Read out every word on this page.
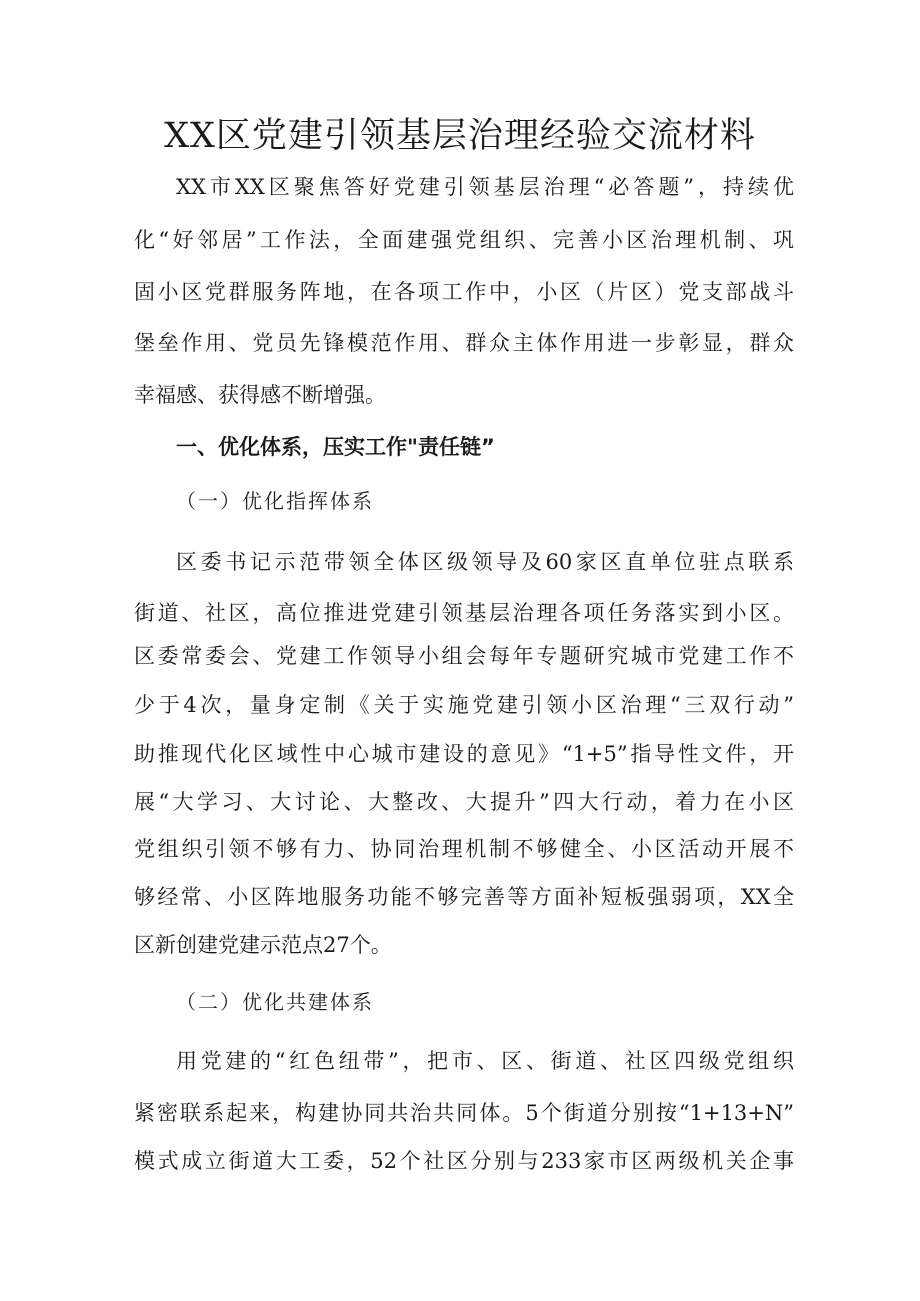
XX区党建引领基层治理经验交流材料
XX市XX区聚焦答好党建引领基层治理“必答题”，持续优
化“好邻居”工作法，全面建强党组织、完善小区治理机制、巩
固小区党群服务阵地，在各项工作中，小区（片区）党支部战斗
堡垒作用、党员先锋模范作用、群众主体作用进一步彰显，群众
幸福感、获得感不断增强。
一、优化体系，压实工作"责任链”
（一）优化指挥体系
区委书记示范带领全体区级领导及60家区直单位驻点联系
街道、社区，高位推进党建引领基层治理各项任务落实到小区。
区委常委会、党建工作领导小组会每年专题研究城市党建工作不
少于4次，量身定制《关于实施党建引领小区治理“三双行动”
助推现代化区域性中心城市建设的意见》“1+5”指导性文件，开
展“大学习、大讨论、大整改、大提升”四大行动，着力在小区
党组织引领不够有力、协同治理机制不够健全、小区活动开展不
够经常、小区阵地服务功能不够完善等方面补短板强弱项，XX全
区新创建党建示范点27个。
（二）优化共建体系
用党建的“红色纽带”，把市、区、街道、社区四级党组织
紧密联系起来，构建协同共治共同体。5个街道分别按“1+13+N”
模式成立街道大工委，52个社区分别与233家市区两级机关企事
